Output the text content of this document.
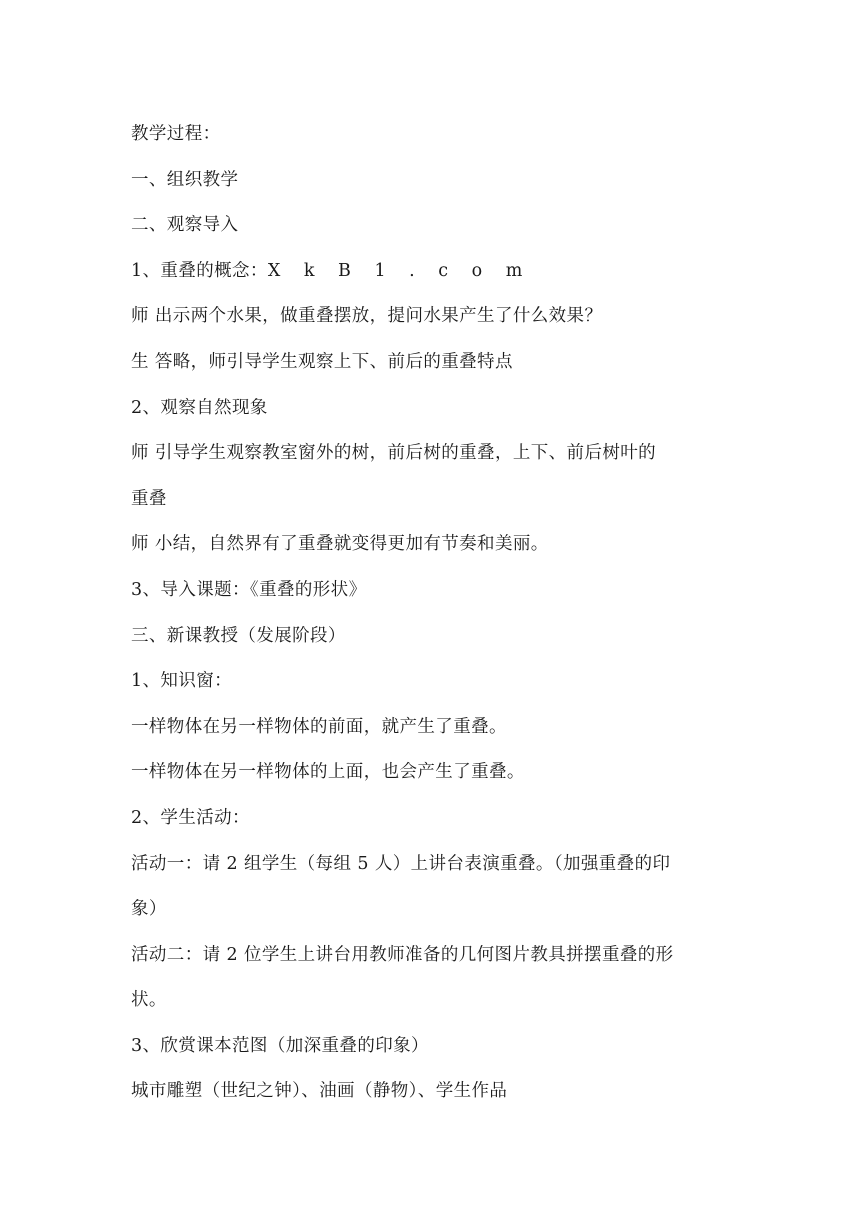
教学过程：
一、组织教学
二、观察导入
1、重叠的概念：X k B 1 . c o m
师 出示两个水果，做重叠摆放，提问水果产生了什么效果？
生 答略，师引导学生观察上下、前后的重叠特点
2、观察自然现象
师 引导学生观察教室窗外的树，前后树的重叠，上下、前后树叶的
重叠
师 小结，自然界有了重叠就变得更加有节奏和美丽。
3、导入课题：《重叠的形状》
三、新课教授（发展阶段）
1、知识窗：
一样物体在另一样物体的前面，就产生了重叠。
一样物体在另一样物体的上面，也会产生了重叠。
2、学生活动：
活动一：请 2 组学生（每组 5 人）上讲台表演重叠。（加强重叠的印
象）
活动二：请 2 位学生上讲台用教师准备的几何图片教具拼摆重叠的形
状。
3、欣赏课本范图（加深重叠的印象）
城市雕塑（世纪之钟）、油画（静物）、学生作品
